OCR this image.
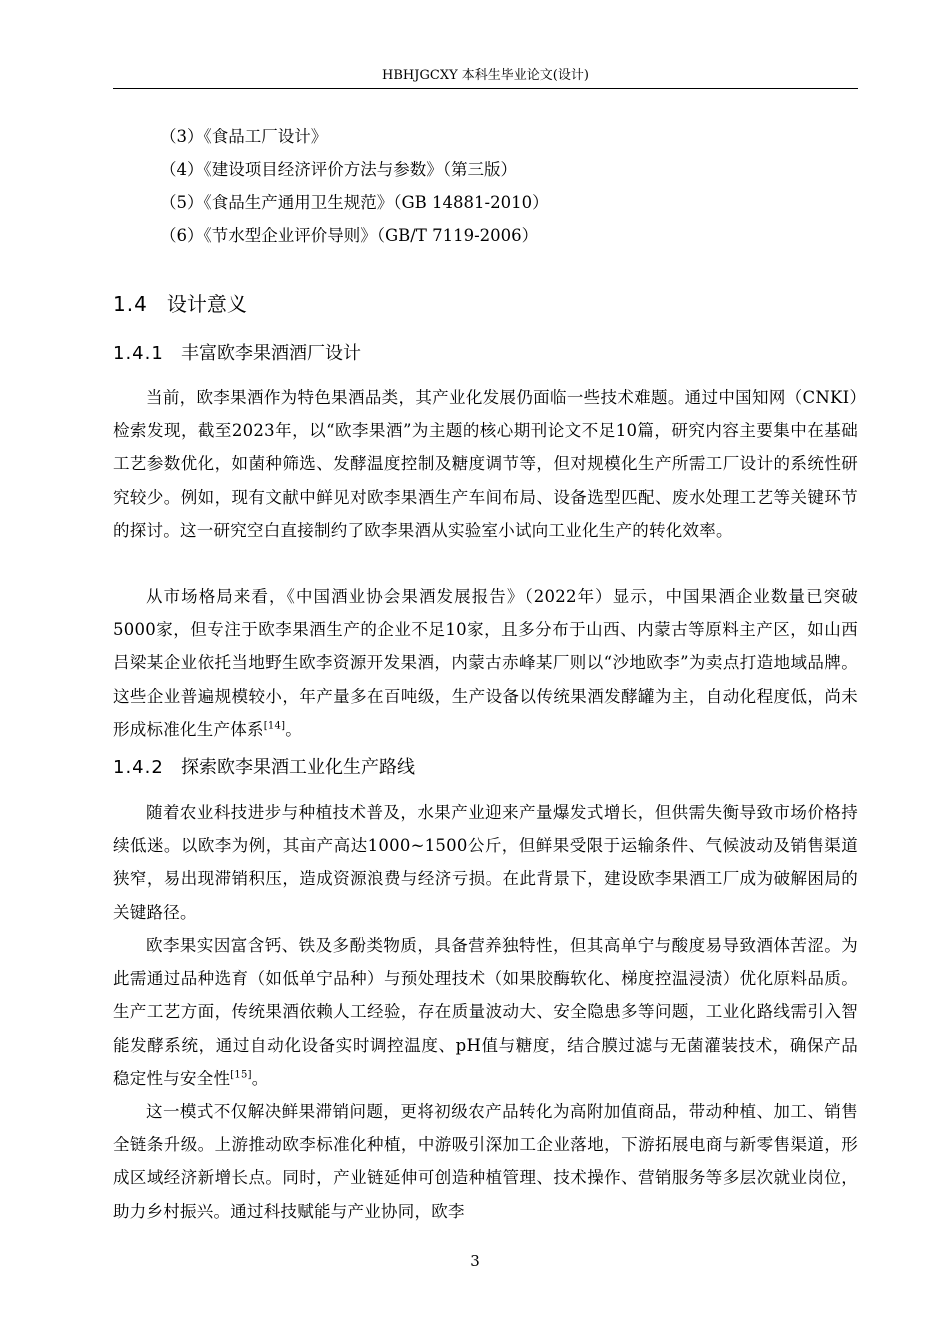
HBHJGCXY 本科生毕业论文(设计)
（3）《食品工厂设计》
（4）《建设项目经济评价方法与参数》（第三版）
（5）《食品生产通用卫生规范》（GB 14881-2010）
（6）《节水型企业评价导则》（GB/T 7119-2006）
1.4 设计意义
1.4.1 丰富欧李果酒酒厂设计
当前，欧李果酒作为特色果酒品类，其产业化发展仍面临一些技术难题。通过中国知网（CNKI）检索发现，截至2023年，以“欧李果酒”为主题的核心期刊论文不足10篇，研究内容主要集中在基础工艺参数优化，如菌种筛选、发酵温度控制及糖度调节等，但对规模化生产所需工厂设计的系统性研究较少。例如，现有文献中鲜见对欧李果酒生产车间布局、设备选型匹配、废水处理工艺等关键环节的探讨。这一研究空白直接制约了欧李果酒从实验室小试向工业化生产的转化效率。
从市场格局来看，《中国酒业协会果酒发展报告》（2022年）显示，中国果酒企业数量已突破5000家，但专注于欧李果酒生产的企业不足10家，且多分布于山西、内蒙古等原料主产区，如山西吕梁某企业依托当地野生欧李资源开发果酒，内蒙古赤峰某厂则以“沙地欧李”为卖点打造地域品牌。这些企业普遍规模较小，年产量多在百吨级，生产设备以传统果酒发酵罐为主，自动化程度低，尚未形成标准化生产体系[14]。
1.4.2 探索欧李果酒工业化生产路线
随着农业科技进步与种植技术普及，水果产业迎来产量爆发式增长，但供需失衡导致市场价格持续低迷。以欧李为例，其亩产高达1000~1500公斤，但鲜果受限于运输条件、气候波动及销售渠道狭窄，易出现滞销积压，造成资源浪费与经济亏损。在此背景下，建设欧李果酒工厂成为破解困局的关键路径。
欧李果实因富含钙、铁及多酚类物质，具备营养独特性，但其高单宁与酸度易导致酒体苦涩。为此需通过品种选育（如低单宁品种）与预处理技术（如果胶酶软化、梯度控温浸渍）优化原料品质。生产工艺方面，传统果酒依赖人工经验，存在质量波动大、安全隐患多等问题，工业化路线需引入智能发酵系统，通过自动化设备实时调控温度、pH值与糖度，结合膜过滤与无菌灌装技术，确保产品稳定性与安全性[15]。
这一模式不仅解决鲜果滞销问题，更将初级农产品转化为高附加值商品，带动种植、加工、销售全链条升级。上游推动欧李标准化种植，中游吸引深加工企业落地，下游拓展电商与新零售渠道，形成区域经济新增长点。同时，产业链延伸可创造种植管理、技术操作、营销服务等多层次就业岗位，助力乡村振兴。通过科技赋能与产业协同，欧李
3
